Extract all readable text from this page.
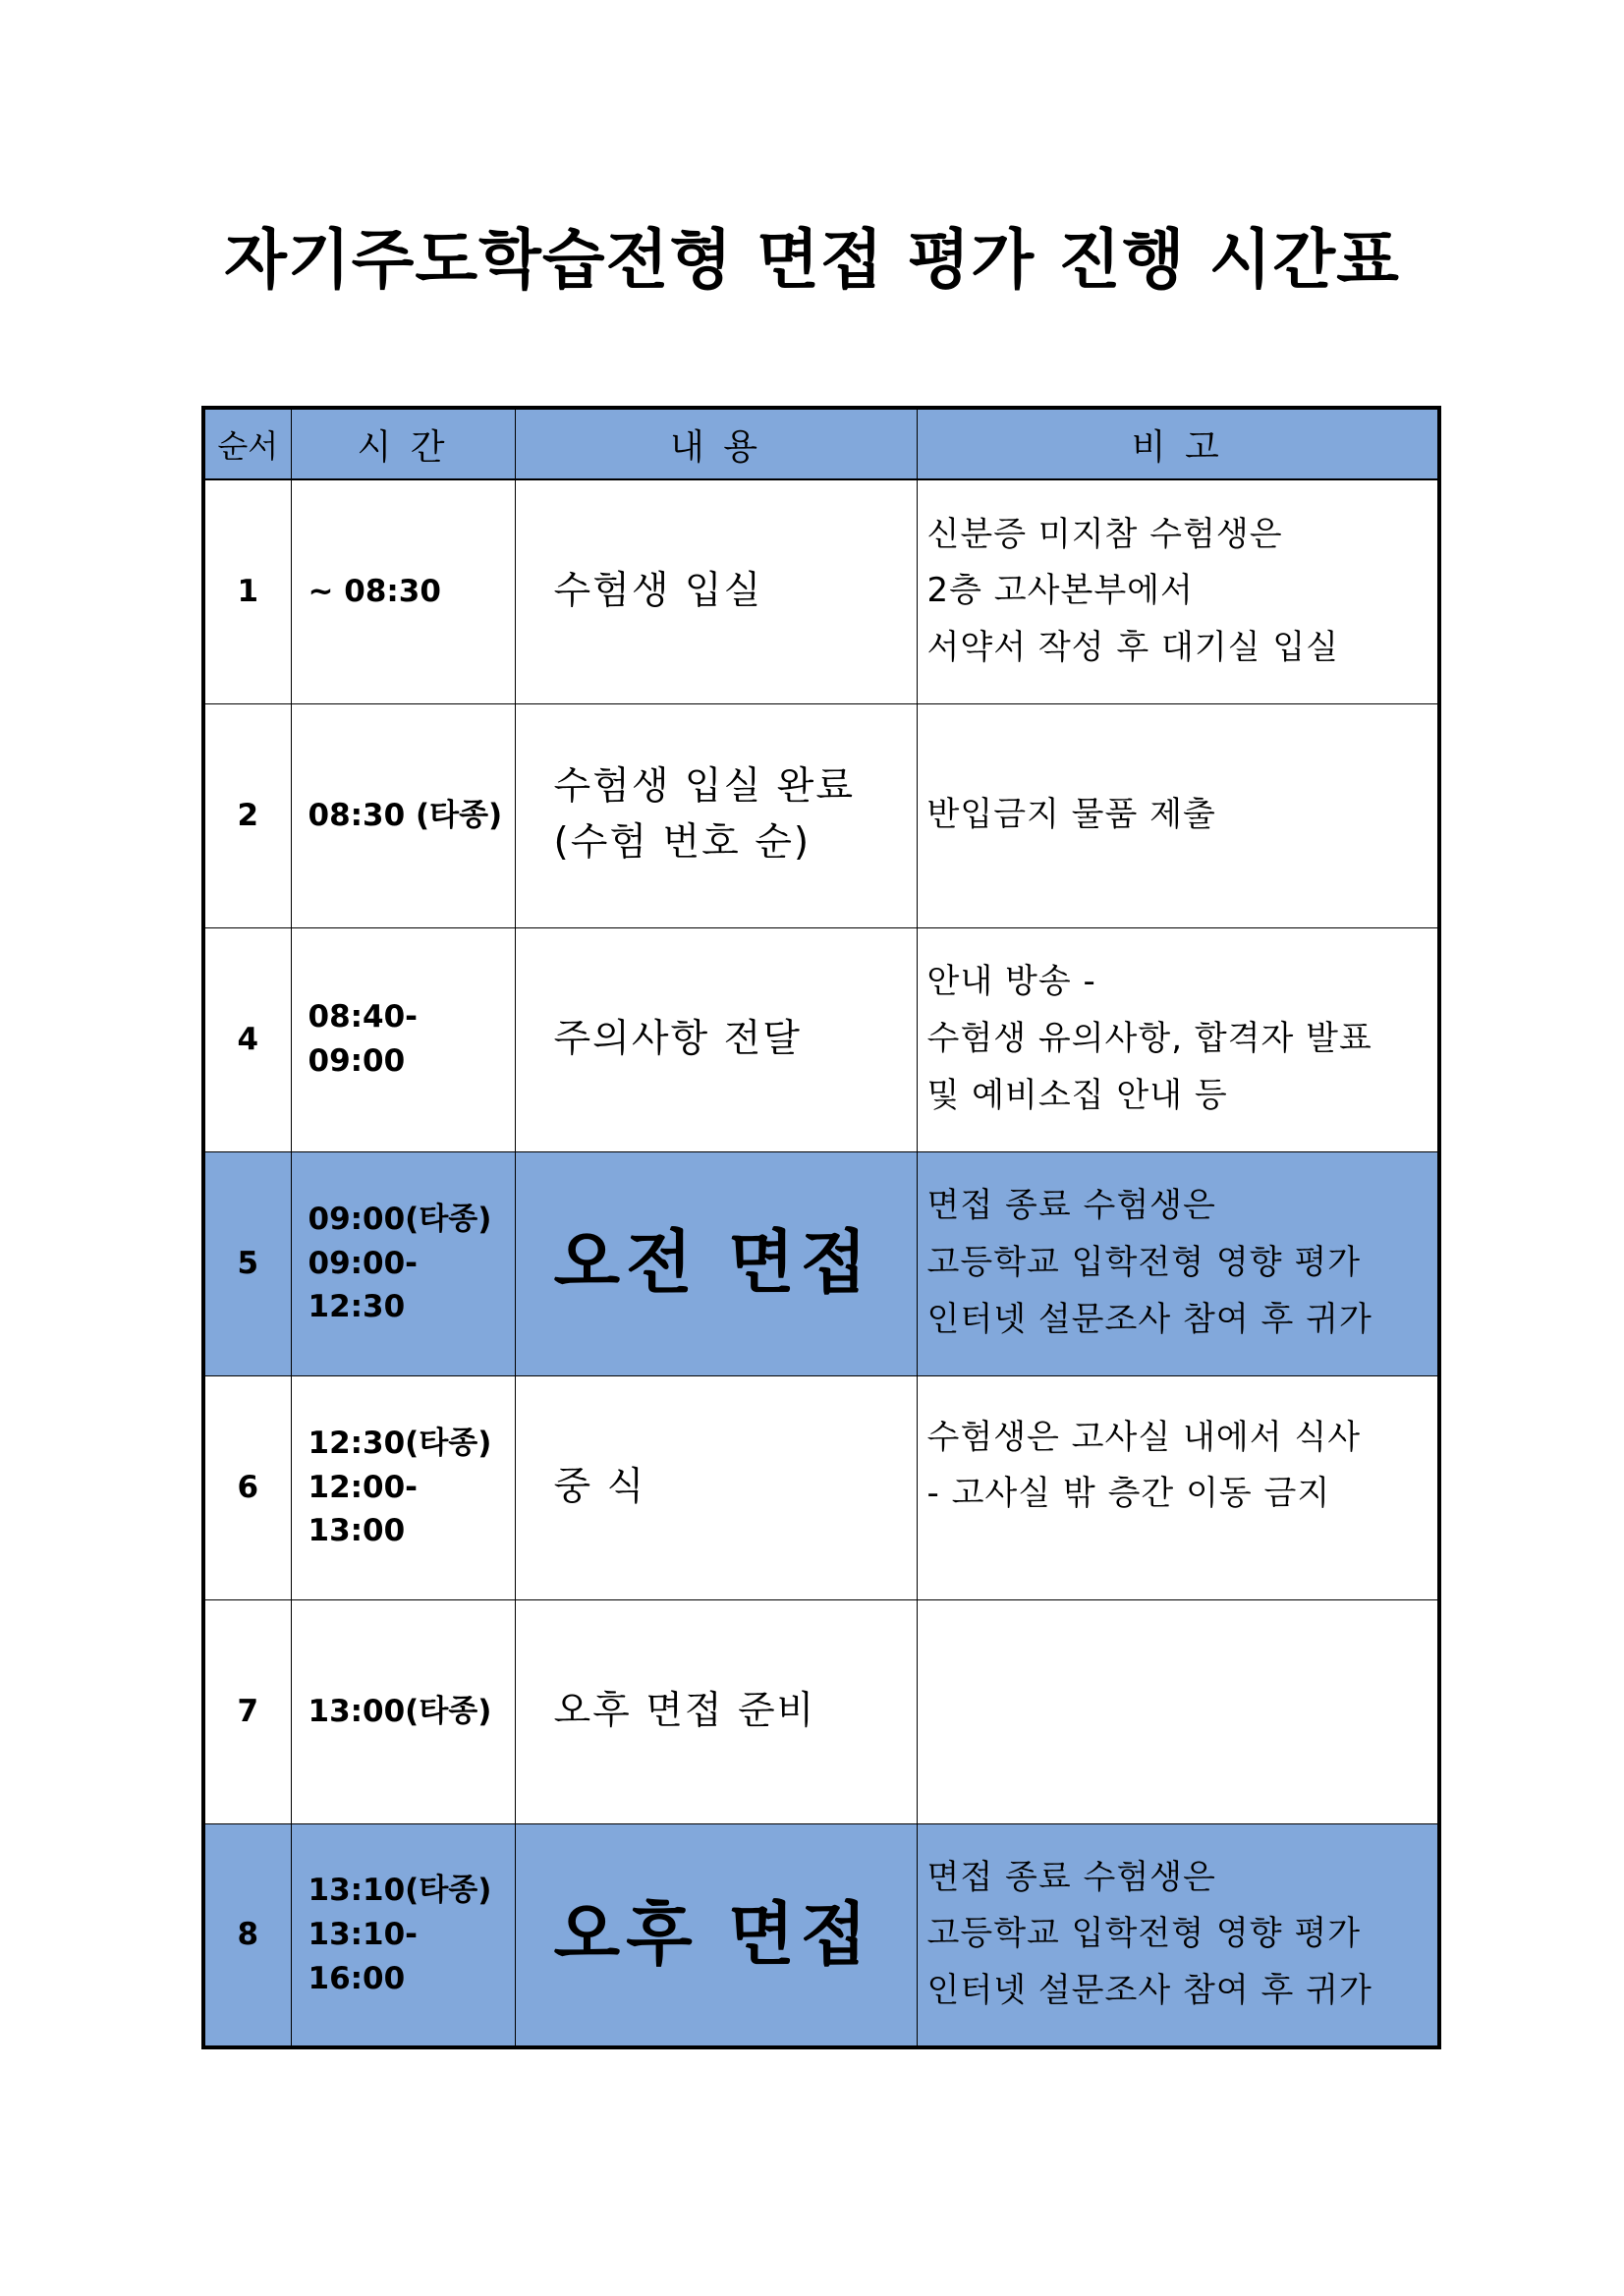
자기주도학습전형 면접 평가 진행 시간표
순서	시 간	내 용	비 고
1	~ 08:30	수험생 입실	신분증 미지참 수험생은
2층 고사본부에서
서약서 작성 후 대기실 입실

2	08:30 (타종)	수험생 입실 완료
(수험 번호 순)	반입금지 물품 제출

4	08:40-09:00	주의사항 전달	안내 방송 -
수험생 유의사항, 합격자 발표
및 예비소집 안내 등

5	09:00(타종)
09:00-12:30	오전 면접	면접 종료 수험생은
고등학교 입학전형 영향 평가
인터넷 설문조사 참여 후 귀가

6	12:30(타종)
12:00-13:00	중 식	수험생은 고사실 내에서 식사
- 고사실 밖 층간 이동 금지

7	13:00(타종)	오후 면접 준비	

8	13:10(타종)
13:10-16:00	오후 면접	면접 종료 수험생은
고등학교 입학전형 영향 평가
인터넷 설문조사 참여 후 귀가
